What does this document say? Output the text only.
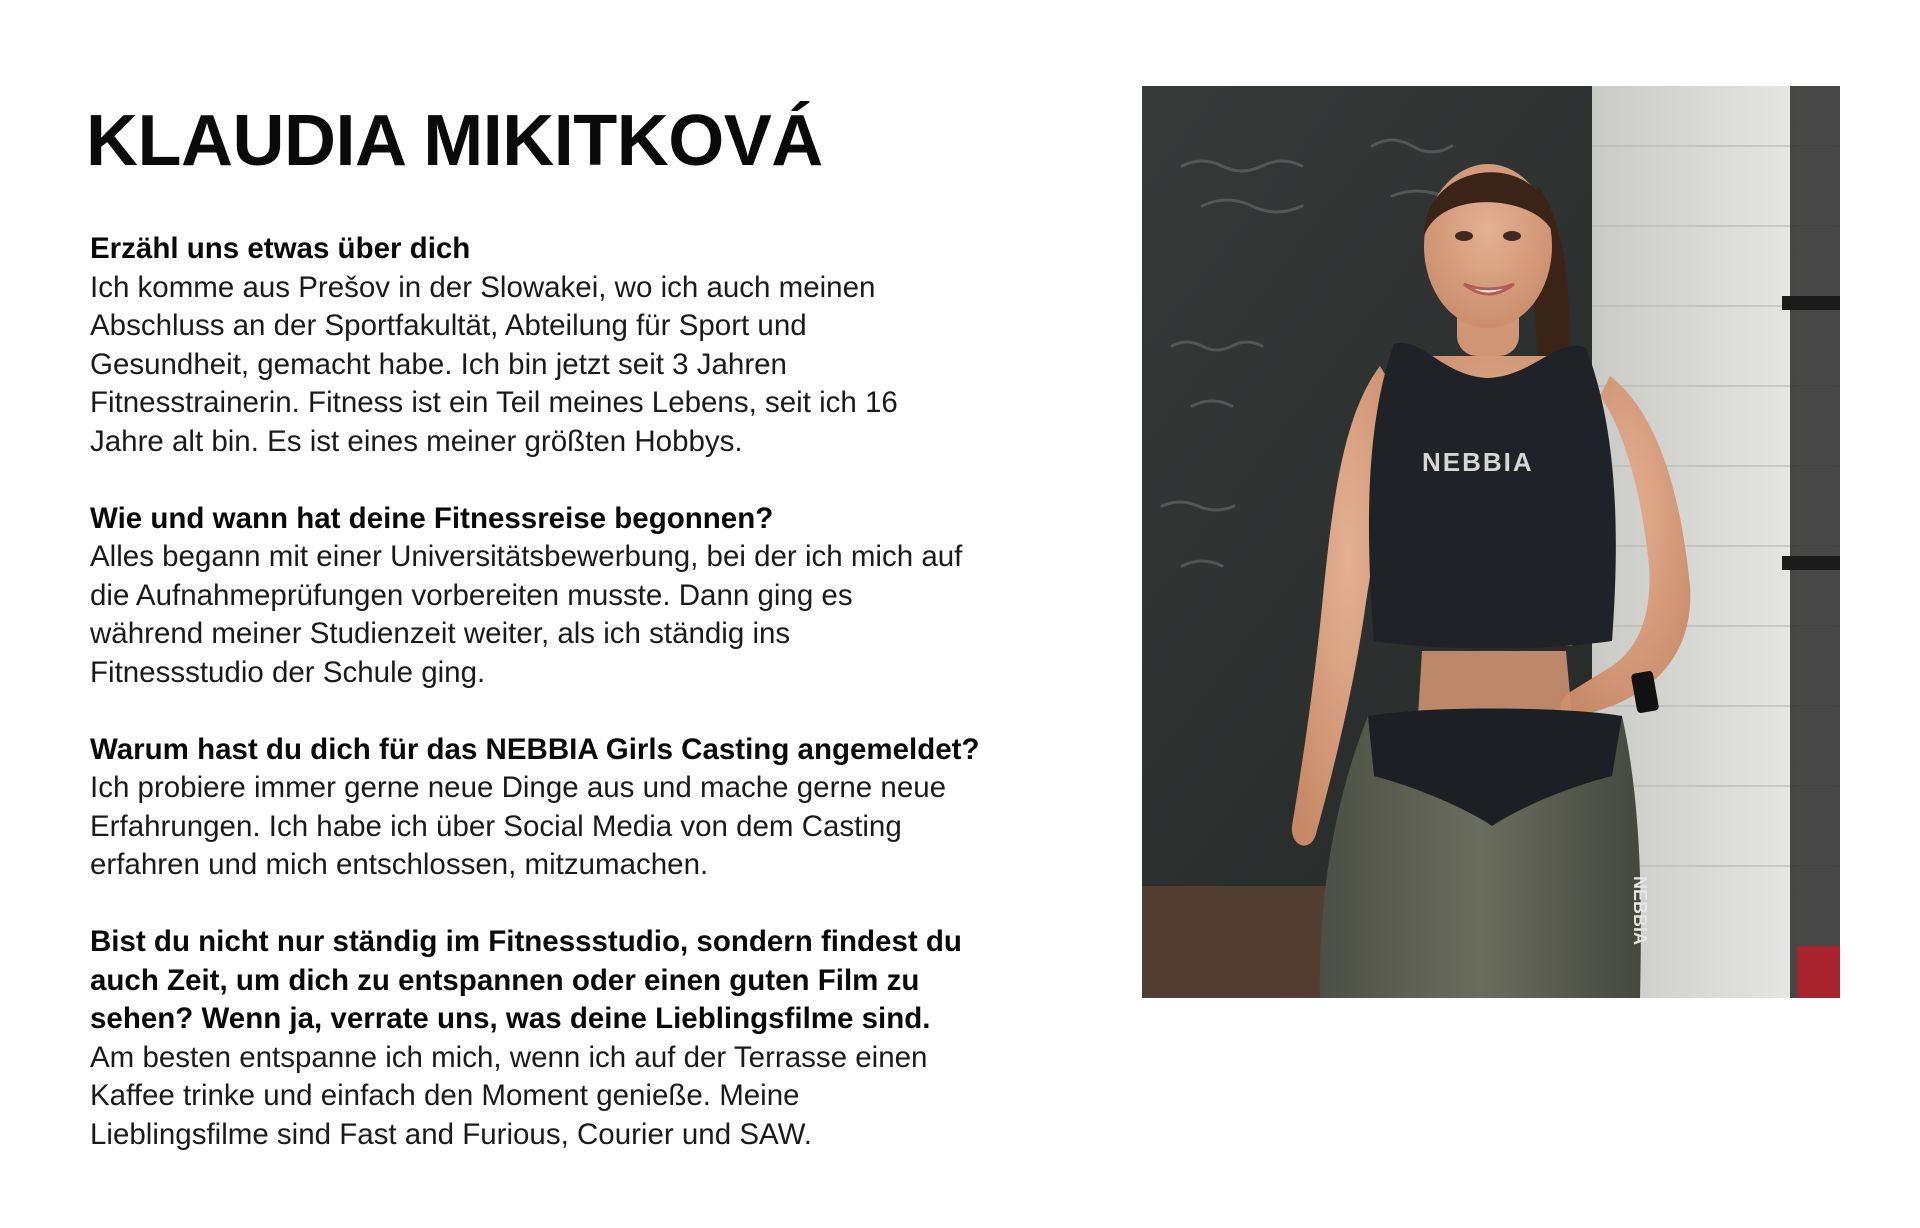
KLAUDIA MIKITKOVÁ

Erzähl uns etwas über dich

Ich komme aus Prešov in der Slowakei, wo ich auch meinen
Abschluss an der Sportfakultät, Abteilung für Sport und
Gesundheit, gemacht habe. Ich bin jetzt seit 3 Jahren
Fitnesstrainerin. Fitness ist ein Teil meines Lebens, seit ich 16
Jahre alt bin. Es ist eines meiner größten Hobbys.

Wie und wann hat deine Fitnessreise begonnen?

Alles begann mit einer Universitätsbewerbung, bei der ich mich auf
die Aufnahmeprüfungen vorbereiten musste. Dann ging es
während meiner Studienzeit weiter, als ich ständig ins
Fitnessstudio der Schule ging.

Warum hast du dich für das NEBBIA Girls Casting angemeldet?

Ich probiere immer gerne neue Dinge aus und mache gerne neue
Erfahrungen. Ich habe ich über Social Media von dem Casting
erfahren und mich entschlossen, mitzumachen.

Bist du nicht nur ständig im Fitnessstudio, sondern findest du
auch Zeit, um dich zu entspannen oder einen guten Film zu
sehen? Wenn ja, verrate uns, was deine Lieblingsfilme sind.

Am besten entspanne ich mich, wenn ich auf der Terrasse einen
Kaffee trinke und einfach den Moment genieße. Meine
Lieblingsfilme sind Fast and Furious, Courier und SAW.

NEBBIA
NEBBIA
